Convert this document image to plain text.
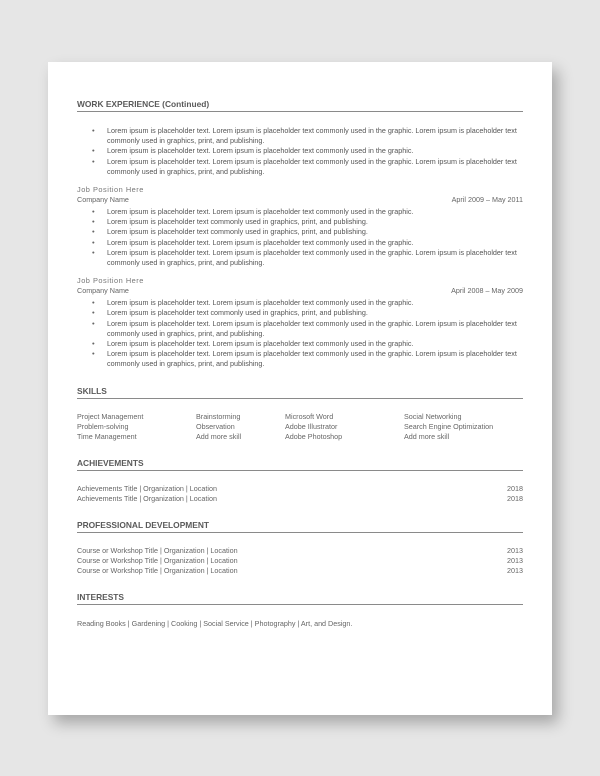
WORK EXPERIENCE (Continued)
• Lorem ipsum is placeholder text. Lorem ipsum is placeholder text commonly used in the graphic. Lorem ipsum is placeholder text commonly used in graphics, print, and publishing.
• Lorem ipsum is placeholder text. Lorem ipsum is placeholder text commonly used in the graphic.
• Lorem ipsum is placeholder text. Lorem ipsum is placeholder text commonly used in the graphic. Lorem ipsum is placeholder text commonly used in graphics, print, and publishing.
Job Position Here
Company Name	April 2009 – May 2011
• Lorem ipsum is placeholder text. Lorem ipsum is placeholder text commonly used in the graphic.
• Lorem ipsum is placeholder text commonly used in graphics, print, and publishing.
• Lorem ipsum is placeholder text commonly used in graphics, print, and publishing.
• Lorem ipsum is placeholder text. Lorem ipsum is placeholder text commonly used in the graphic.
• Lorem ipsum is placeholder text. Lorem ipsum is placeholder text commonly used in the graphic. Lorem ipsum is placeholder text commonly used in graphics, print, and publishing.
Job Position Here
Company Name	April 2008 – May 2009
• Lorem ipsum is placeholder text. Lorem ipsum is placeholder text commonly used in the graphic.
• Lorem ipsum is placeholder text commonly used in graphics, print, and publishing.
• Lorem ipsum is placeholder text. Lorem ipsum is placeholder text commonly used in the graphic. Lorem ipsum is placeholder text commonly used in graphics, print, and publishing.
• Lorem ipsum is placeholder text. Lorem ipsum is placeholder text commonly used in the graphic.
• Lorem ipsum is placeholder text. Lorem ipsum is placeholder text commonly used in the graphic. Lorem ipsum is placeholder text commonly used in graphics, print, and publishing.
SKILLS
Project Management	Brainstorming	Microsoft Word	Social Networking
Problem-solving	Observation	Adobe Illustrator	Search Engine Optimization
Time Management	Add more skill	Adobe Photoshop	Add more skill
ACHIEVEMENTS
Achievements Title | Organization | Location	2018
Achievements Title | Organization | Location	2018
PROFESSIONAL DEVELOPMENT
Course or Workshop Title | Organization | Location	2013
Course or Workshop Title | Organization | Location	2013
Course or Workshop Title | Organization | Location	2013
INTERESTS
Reading Books | Gardening | Cooking | Social Service | Photography | Art, and Design.
